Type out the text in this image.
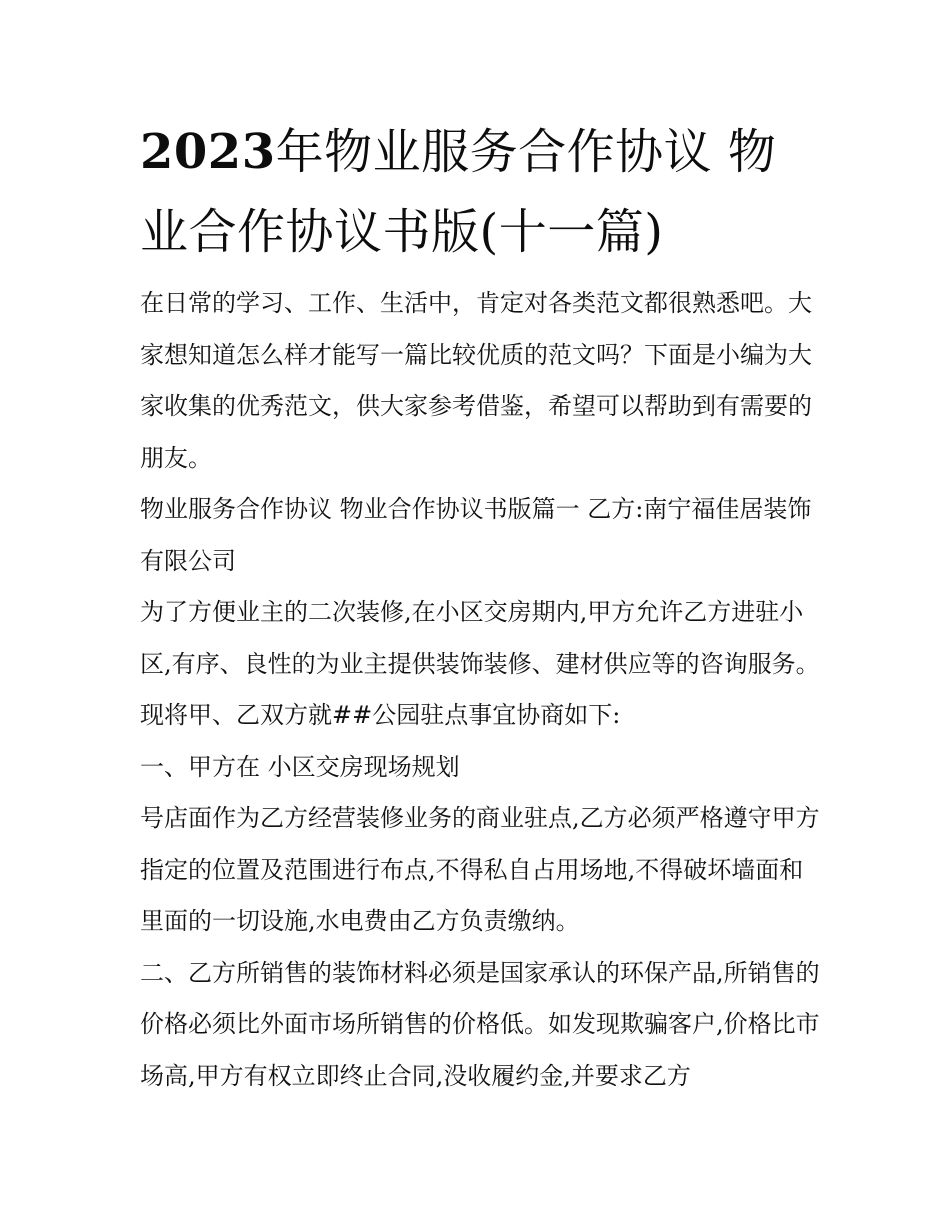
2023年物业服务合作协议 物业合作协议书版(十一篇)

在日常的学习、工作、生活中，肯定对各类范文都很熟悉吧。大家想知道怎么样才能写一篇比较优质的范文吗？下面是小编为大家收集的优秀范文，供大家参考借鉴，希望可以帮助到有需要的朋友。

物业服务合作协议 物业合作协议书版篇一 乙方:南宁福佳居装饰有限公司

为了方便业主的二次装修,在小区交房期内,甲方允许乙方进驻小区,有序、良性的为业主提供装饰装修、建材供应等的咨询服务。现将甲、乙双方就##公园驻点事宜协商如下:

一、甲方在 小区交房现场规划

号店面作为乙方经营装修业务的商业驻点,乙方必须严格遵守甲方指定的位置及范围进行布点,不得私自占用场地,不得破坏墙面和里面的一切设施,水电费由乙方负责缴纳。

二、乙方所销售的装饰材料必须是国家承认的环保产品,所销售的价格必须比外面市场所销售的价格低。如发现欺骗客户,价格比市场高,甲方有权立即终止合同,没收履约金,并要求乙方
